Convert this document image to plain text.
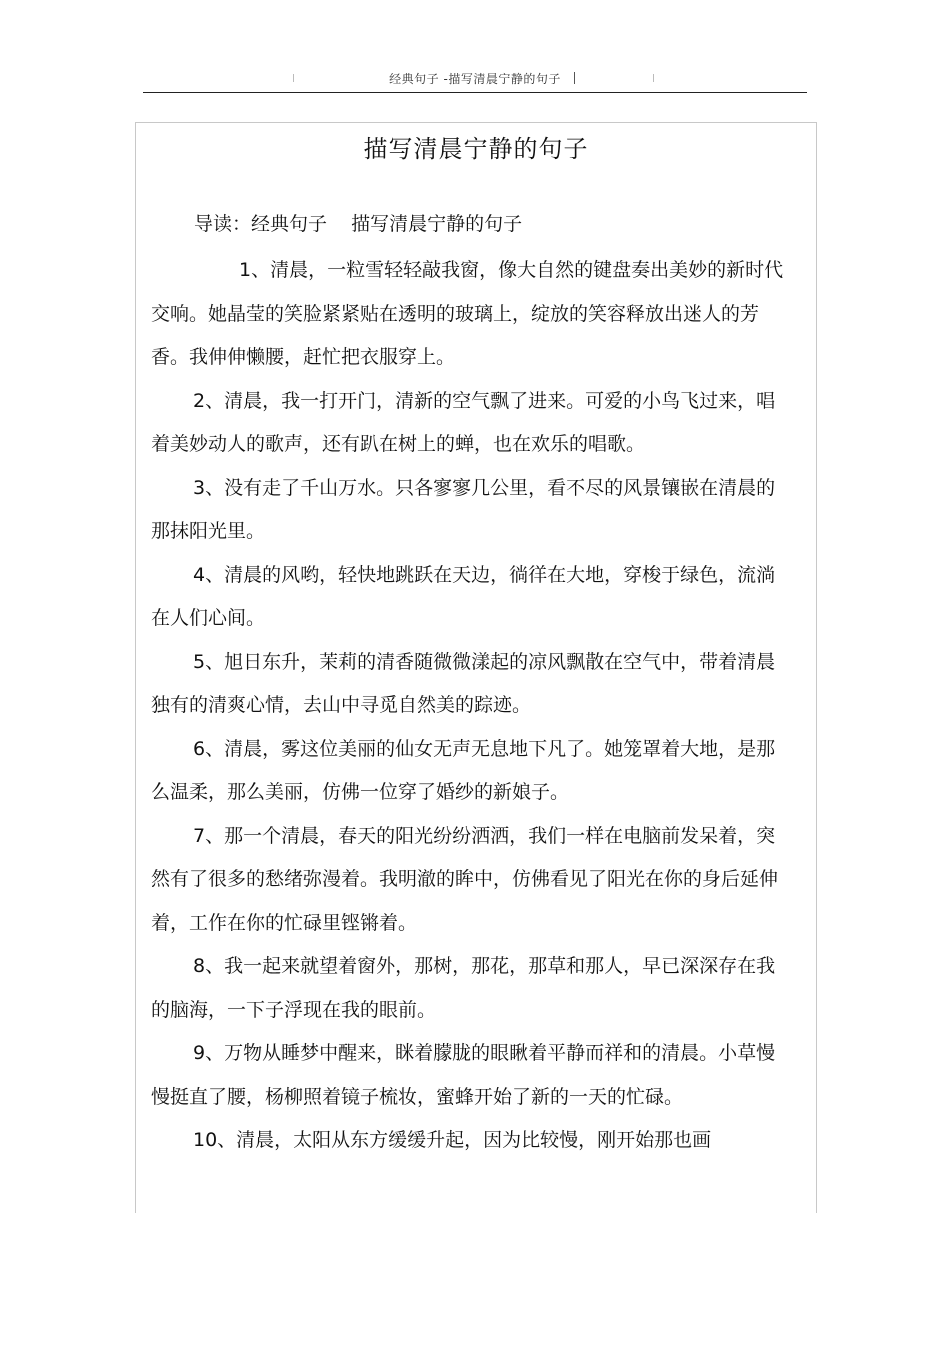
经典句子 -描写清晨宁静的句子
描写清晨宁静的句子
导读：经典句子    描写清晨宁静的句子

1、清晨，一粒雪轻轻敲我窗，像大自然的键盘奏出美妙的新时代交响。她晶莹的笑脸紧紧贴在透明的玻璃上，绽放的笑容释放出迷人的芳香。我伸伸懒腰，赶忙把衣服穿上。

2、清晨，我一打开门，清新的空气飘了进来。可爱的小鸟飞过来，唱着美妙动人的歌声，还有趴在树上的蝉，也在欢乐的唱歌。

3、没有走了千山万水。只各寥寥几公里，看不尽的风景镶嵌在清晨的那抹阳光里。

4、清晨的风哟，轻快地跳跃在天边，徜徉在大地，穿梭于绿色，流淌在人们心间。

5、旭日东升，茉莉的清香随微微漾起的凉风飘散在空气中，带着清晨独有的清爽心情，去山中寻觅自然美的踪迹。

6、清晨，雾这位美丽的仙女无声无息地下凡了。她笼罩着大地，是那么温柔，那么美丽，仿佛一位穿了婚纱的新娘子。

7、那一个清晨，春天的阳光纷纷洒洒，我们一样在电脑前发呆着，突然有了很多的愁绪弥漫着。我明澈的眸中，仿佛看见了阳光在你的身后延伸着，工作在你的忙碌里铿锵着。

8、我一起来就望着窗外，那树，那花，那草和那人，早已深深存在我的脑海，一下子浮现在我的眼前。

9、万物从睡梦中醒来，眯着朦胧的眼瞅着平静而祥和的清晨。小草慢慢挺直了腰，杨柳照着镜子梳妆，蜜蜂开始了新的一天的忙碌。

10、清晨，太阳从东方缓缓升起，因为比较慢，刚开始那也画
